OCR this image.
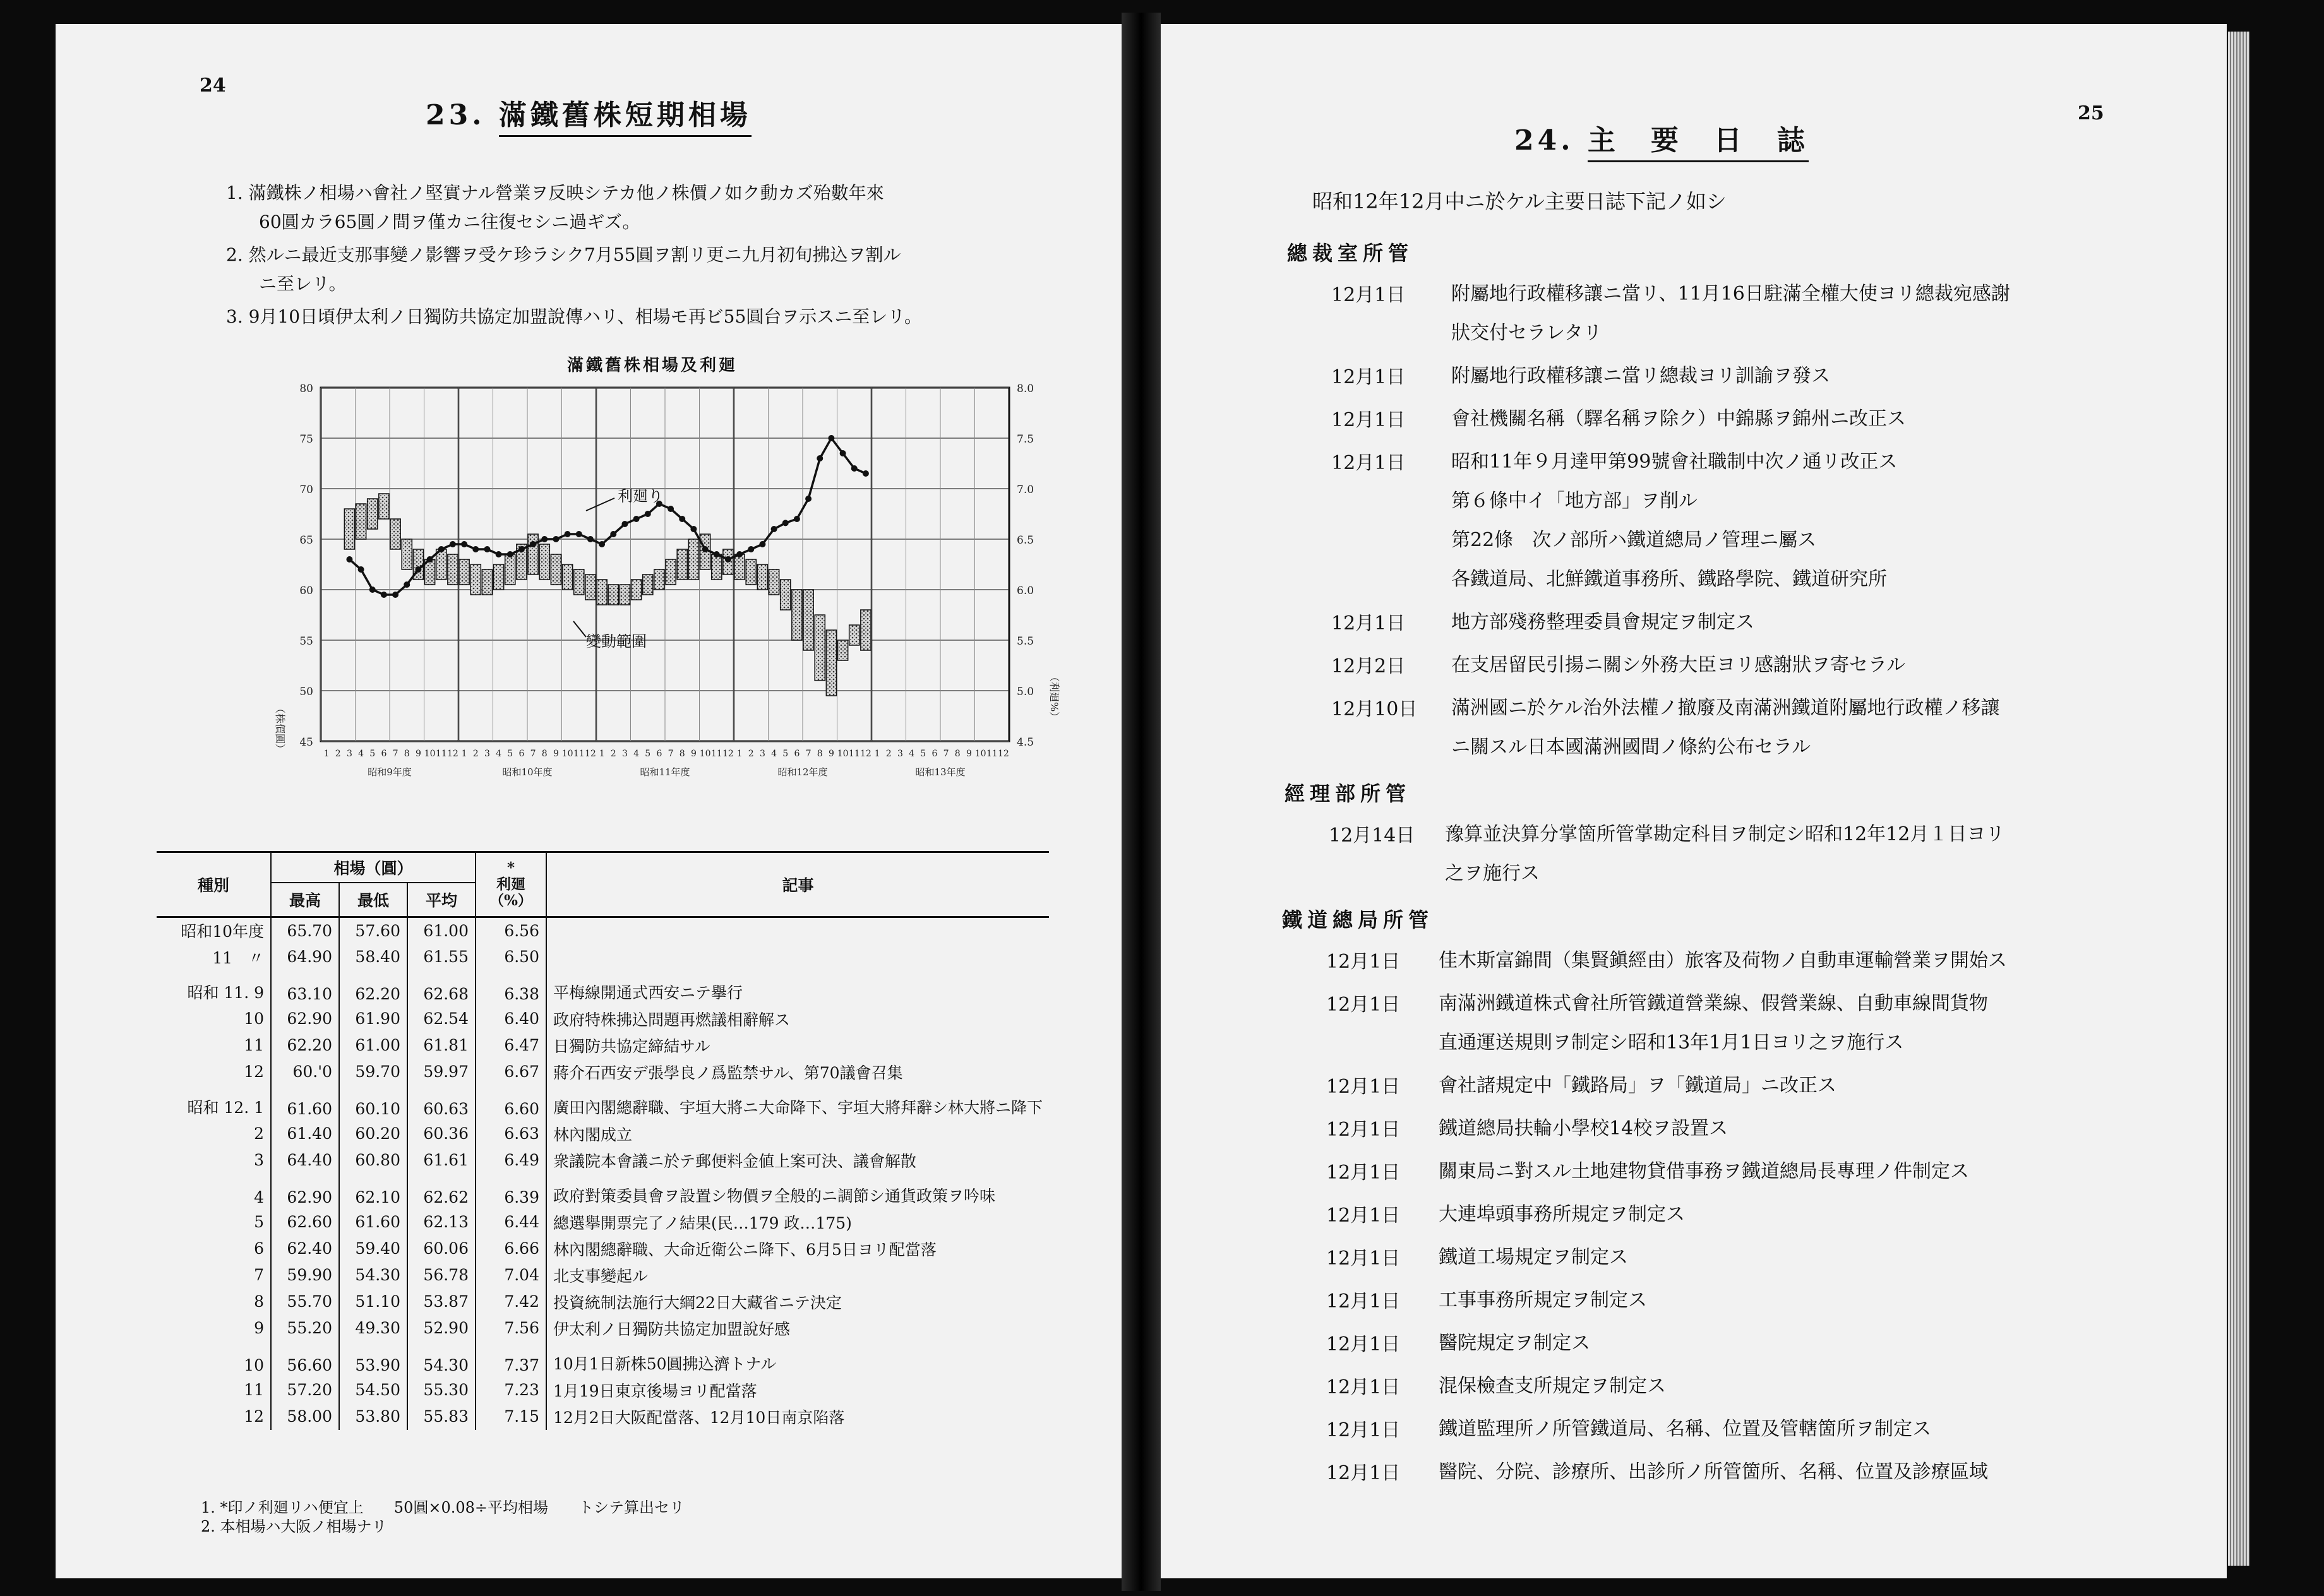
24
23. 滿鐵舊株短期相場
1. 滿鐵株ノ相場ハ會社ノ堅實ナル營業ヲ反映シテカ他ノ株價ノ如ク動カズ殆數年來
60圓カラ65圓ノ間ヲ僅カニ往復セシニ過ギズ。
2. 然ルニ最近支那事變ノ影響ヲ受ケ珍ラシク7月55圓ヲ割リ更ニ九月初旬拂込ヲ割ル
ニ至レリ。
3. 9月10日頃伊太利ノ日獨防共協定加盟說傳ハリ、相場モ再ビ55圓台ヲ示スニ至レリ。
滿鐵舊株相場及利廻
80	8.0
75	7.5
70	7.0
65	6.5
60	6.0
55	5.5
50	5.0
45	4.5
1 2 3 4 5 6 7 8 9 10 11 12
昭和9年度
1 2 3 4 5 6 7 8 9 10 11 12
昭和10年度
1 2 3 4 5 6 7 8 9 10 11 12
昭和11年度
1 2 3 4 5 6 7 8 9 10 11 12
昭和12年度
1 2 3 4 5 6 7 8 9 10 11 12
昭和13年度
（株價圓）
（利廻%）
利廻り
變動範圍
種別	相場（圓）			*
利廻
（%）	記事
	最高	最低	平均		
昭和10年度	65.70	57.60	61.00	6.56	
11　〃	64.90	58.40	61.55	6.50	
昭和 11. 9	63.10	62.20	62.68	6.38	平梅線開通式西安ニテ擧行
10	62.90	61.90	62.54	6.40	政府特株拂込問題再燃議相辭解ス
11	62.20	61.00	61.81	6.47	日獨防共協定締結サル
12	60.'0	59.70	59.97	6.67	蔣介石西安デ張學良ノ爲監禁サル、第70議會召集
昭和 12. 1	61.60	60.10	60.63	6.60	廣田內閣總辭職、宇垣大將ニ大命降下、宇垣大將拜辭シ林大將ニ降下
2	61.40	60.20	60.36	6.63	林內閣成立
3	64.40	60.80	61.61	6.49	衆議院本會議ニ於テ郵便料金値上案可決、議會解散
4	62.90	62.10	62.62	6.39	政府對策委員會ヲ設置シ物價ヲ全般的ニ調節シ通貨政策ヲ吟味
5	62.60	61.60	62.13	6.44	總選擧開票完了ノ結果(民…179 政…175)
6	62.40	59.40	60.06	6.66	林內閣總辭職、大命近衛公ニ降下、6月5日ヨリ配當落
7	59.90	54.30	56.78	7.04	北支事變起ル
8	55.70	51.10	53.87	7.42	投資統制法施行大綱22日大藏省ニテ決定
9	55.20	49.30	52.90	7.56	伊太利ノ日獨防共協定加盟說好感
10	56.60	53.90	54.30	7.37	10月1日新株50圓拂込濟トナル
11	57.20	54.50	55.30	7.23	1月19日東京後場ヨリ配當落
12	58.00	53.80	55.83	7.15	12月2日大阪配當落、12月10日南京陷落
1. *印ノ利廻リハ便宜上　　50圓×0.08÷平均相場　　トシテ算出セリ
2. 本相場ハ大阪ノ相場ナリ
25
24. 主　要　日　誌
昭和12年12月中ニ於ケル主要日誌下記ノ如シ
總裁室所管
12月1日 附屬地行政權移讓ニ當リ、11月16日駐滿全權大使ヨリ總裁宛感謝
狀交付セラレタリ
12月1日 附屬地行政權移讓ニ當リ總裁ヨリ訓諭ヲ發ス
12月1日 會社機關名稱（驛名稱ヲ除ク）中錦縣ヲ錦州ニ改正ス
12月1日 昭和11年９月達甲第99號會社職制中次ノ通リ改正ス
第６條中イ「地方部」ヲ削ル
第22條　次ノ部所ハ鐵道總局ノ管理ニ屬ス
各鐵道局、北鮮鐵道事務所、鐵路學院、鐵道研究所
12月1日 地方部殘務整理委員會規定ヲ制定ス
12月2日 在支居留民引揚ニ關シ外務大臣ヨリ感謝狀ヲ寄セラル
12月10日 滿洲國ニ於ケル治外法權ノ撤廢及南滿洲鐵道附屬地行政權ノ移讓
ニ關スル日本國滿洲國間ノ條約公布セラル
經理部所管
12月14日 豫算並決算分掌箇所管掌勘定科目ヲ制定シ昭和12年12月１日ヨリ
之ヲ施行ス
鐵道總局所管
12月1日 佳木斯富錦間（集賢鎭經由）旅客及荷物ノ自動車運輸營業ヲ開始ス
12月1日 南滿洲鐵道株式會社所管鐵道營業線、假營業線、自動車線間貨物
直通運送規則ヲ制定シ昭和13年1月1日ヨリ之ヲ施行ス
12月1日 會社諸規定中「鐵路局」ヲ「鐵道局」ニ改正ス
12月1日 鐵道總局扶輪小學校14校ヲ設置ス
12月1日 關東局ニ對スル土地建物貸借事務ヲ鐵道總局長專理ノ件制定ス
12月1日 大連埠頭事務所規定ヲ制定ス
12月1日 鐵道工場規定ヲ制定ス
12月1日 工事事務所規定ヲ制定ス
12月1日 醫院規定ヲ制定ス
12月1日 混保檢查支所規定ヲ制定ス
12月1日 鐵道監理所ノ所管鐵道局、名稱、位置及管轄箇所ヲ制定ス
12月1日 醫院、分院、診療所、出診所ノ所管箇所、名稱、位置及診療區域
